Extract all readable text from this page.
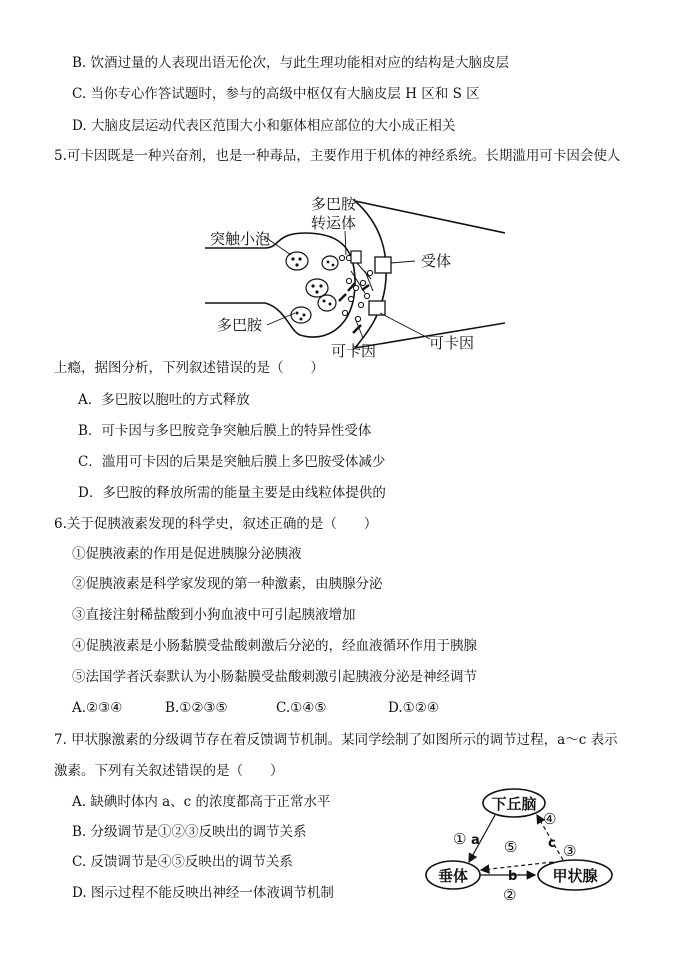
B. 饮酒过量的人表现出语无伦次，与此生理功能相对应的结构是大脑皮层
C. 当你专心作答试题时，参与的高级中枢仅有大脑皮层 H 区和 S 区
D. 大脑皮层运动代表区范围大小和躯体相应部位的大小成正相关
5.可卡因既是一种兴奋剂，也是一种毒品，主要作用于机体的神经系统。长期滥用可卡因会使人
多巴胺
转运体
突触小泡
受体
多巴胺
可卡因	可卡因
上瘾，据图分析，下列叙述错误的是（　　）
A．多巴胺以胞吐的方式释放
B．可卡因与多巴胺竞争突触后膜上的特异性受体
C．滥用可卡因的后果是突触后膜上多巴胺受体减少
D．多巴胺的释放所需的能量主要是由线粒体提供的
6.关于促胰液素发现的科学史，叙述正确的是（　　）
①促胰液素的作用是促进胰腺分泌胰液
②促胰液素是科学家发现的第一种激素，由胰腺分泌
③直接注射稀盐酸到小狗血液中可引起胰液增加
④促胰液素是小肠黏膜受盐酸刺激后分泌的，经血液循环作用于胰腺
⑤法国学者沃泰默认为小肠黏膜受盐酸刺激引起胰液分泌是神经调节
A.②③④	B.①②③⑤	C.①④⑤	D.①②④
7. 甲状腺激素的分级调节存在着反馈调节机制。某同学绘制了如图所示的调节过程，a～c 表示
激素。下列有关叙述错误的是（　　）
A. 缺碘时体内 a、c 的浓度都高于正常水平
B. 分级调节是①②③反映出的调节关系
C. 反馈调节是④⑤反映出的调节关系
D. 图示过程不能反映出神经一体液调节机制
下丘脑
垂体	甲状腺
① a
④
⑤ c ③
b
②
